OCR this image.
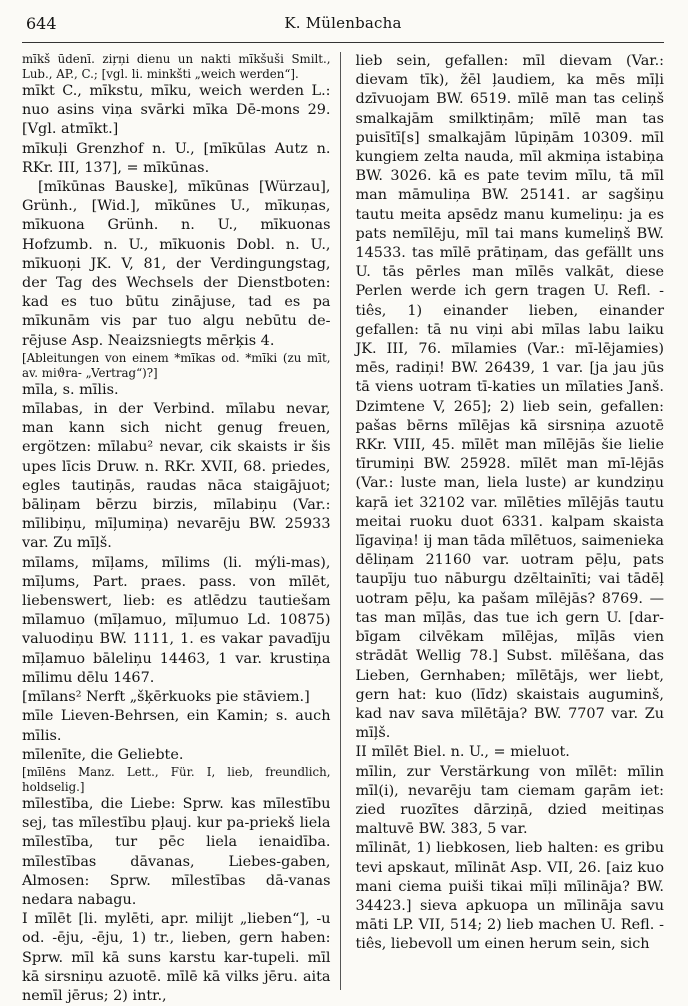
644	K. Mülenbacha

mīkš ūdenī. ziŗņi dienu un nakti mīkšuši Smilt., Lub., AP., C.; [vgl. li. minkšti „weich werden“].

mīkt C., mīkstu, mīku, weich werden L.: nuo asins viņa svārki mīka Dē-mons 29. [Vgl. atmīkt.]

mīkuļi Grenzhof n. U., [mīkūlas Autz n. RKr. III, 137], = mīkūnas.

[mīkūnas Bauske], mīkūnas [Würzau], Grünh., [Wid.], mīkūnes U., mīkuņas, mīkuona Grünh. n. U., mīkuonas Hofzumb. n. U., mīkuonis Dobl. n. U., mīkuoņi JK. V, 81, der Verdingungstag, der Tag des Wechsels der Dienstboten: kad es tuo būtu zinājuse, tad es pa mīkunām vis par tuo algu nebūtu de-rējuse Asp. Neaizsniegts mērķis 4.

[Ableitungen von einem *mīkas od. *mīki (zu mīt, av. miϑra- „Vertrag“)?]

mīla, s. mīlis.

mīlabas, in der Verbind. mīlabu nevar, man kann sich nicht genug freuen, ergötzen: mīlabu² nevar, cik skaists ir šis upes līcis Druw. n. RKr. XVII, 68. priedes, egles tautiņās, raudas nāca staigājuot; bāliņam bērzu birzis, mīlabiņu (Var.: mīlibiņu, mīļumiņa) nevarēju BW. 25933 var. Zu mīļš.

mīlams, mīļams, mīlims (li. mýli-mas), mīļums, Part. praes. pass. von mīlēt, liebenswert, lieb: es atlēdzu tautiešam mīlamuo (mīļamuo, mīļumuo Ld. 10875) valuodiņu BW. 1111, 1. es vakar pavadīju mīļamuo bāleliņu 14463, 1 var. krustiņa mīlimu dēlu 1467.

[mīlans² Nerft „šķērkuoks pie stāviem.]

mīle Lieven-Behrsen, ein Kamin; s. auch mīlis.

mīlenīte, die Geliebte.

[mīlēns Manz. Lett., Für. I, lieb, freundlich, holdselig.]

mīlestība, die Liebe: Sprw. kas mīlestību sej, tas mīlestību pļauj. kur pa-priekš liela mīlestība, tur pēc liela ienaidība. mīlestības dāvanas, Liebes-gaben, Almosen: Sprw. mīlestības dā-vanas nedara nabagu.

I mīlēt [li. mylēti, apr. milijt „lieben“], -u od. -ēju, -ēju, 1) tr., lieben, gern haben: Sprw. mīl kā suns karstu kar-tupeli. mīl kā sirsniņu azuotē. mīlē kā vilks jēru. aita nemīl jērus; 2) intr.,

lieb sein, gefallen: mīl dievam (Var.: dievam tīk), žēl ļaudiem, ka mēs mīļi dzīvuojam BW. 6519. mīlē man tas celiņš smalkajām smilktiņām; mīlē man tas puisītī[s] smalkajām lūpiņām 10309. mīl kungiem zelta nauda, mīl akmiņa istabiņa BW. 3026. kā es pate tevim mīlu, tā mīl man māmuliņa BW. 25141. ar sagšiņu tautu meita apsēdz manu kumeliņu: ja es pats nemīlēju, mīl tai mans kumeliņš BW. 14533. tas mīlē prātiņam, das gefällt uns U. tās pērles man mīlēs valkāt, diese Perlen werde ich gern tragen U. Refl. -tiês, 1) einander lieben, einander gefallen: tā nu viņi abi mīlas labu laiku JK. III, 76. mīlamies (Var.: mī-lējamies) mēs, radiņi! BW. 26439, 1 var. [ja jau jūs tā viens uotram tī-katies un mīlaties Janš. Dzimtene V, 265]; 2) lieb sein, gefallen: pašas bērns mīlējas kā sirsniņa azuotē RKr. VIII, 45. mīlēt man mīlējās šie lielie tīrumiņi BW. 25928. mīlēt man mī-lējās (Var.: luste man, liela luste) ar kundziņu kaŗā iet 32102 var. mīlēties mīlējās tautu meitai ruoku duot 6331. kalpam skaista līgaviņa! ij man tāda mīlētuos, saimenieka dēliņam 21160 var. uotram pēļu, pats taupīju tuo nāburgu dzēltainīti; vai tādēļ uotram pēļu, ka pašam mīlējās? 8769. — tas man mīļās, das tue ich gern U. [dar-bīgam cilvēkam mīlējas, mīļās vien strādāt Wellig 78.] Subst. mīlēšana, das Lieben, Gernhaben; mīlētājs, wer liebt, gern hat: kuo (līdz) skaistais auguminš, kad nav sava mīlētāja? BW. 7707 var. Zu mīļš.

II mīlēt Biel. n. U., = mieluot.

mīlin, zur Verstärkung von mīlēt: mīlin mīl(i), nevarēju tam ciemam gaŗām iet: zied ruozītes dārziņā, dzied meitiņas maltuvē BW. 383, 5 var.

mīlināt, 1) liebkosen, lieb halten: es gribu tevi apskaut, mīlināt Asp. VII, 26. [aiz kuo mani ciema puiši tikai mīļi mīlināja? BW. 34423.] sieva apkuopa un mīlināja savu māti LP. VII, 514; 2) lieb machen U. Refl. -tiês, liebevoll um einen herum sein, sich
